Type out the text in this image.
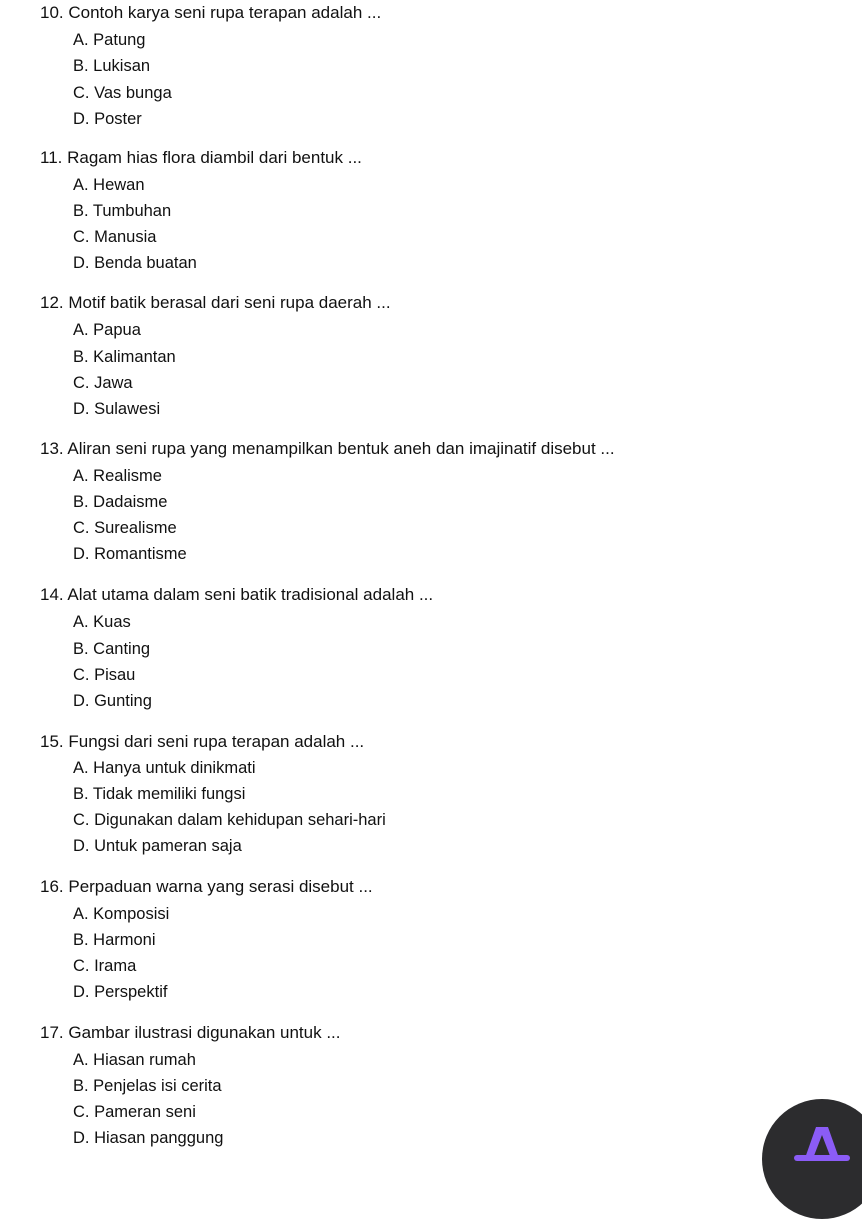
10. Contoh karya seni rupa terapan adalah ...
A. Patung
B. Lukisan
C. Vas bunga
D. Poster
11. Ragam hias flora diambil dari bentuk ...
A. Hewan
B. Tumbuhan
C. Manusia
D. Benda buatan
12. Motif batik berasal dari seni rupa daerah ...
A. Papua
B. Kalimantan
C. Jawa
D. Sulawesi
13. Aliran seni rupa yang menampilkan bentuk aneh dan imajinatif disebut ...
A. Realisme
B. Dadaisme
C. Surealisme
D. Romantisme
14. Alat utama dalam seni batik tradisional adalah ...
A. Kuas
B. Canting
C. Pisau
D. Gunting
15. Fungsi dari seni rupa terapan adalah ...
A. Hanya untuk dinikmati
B. Tidak memiliki fungsi
C. Digunakan dalam kehidupan sehari-hari
D. Untuk pameran saja
16. Perpaduan warna yang serasi disebut ...
A. Komposisi
B. Harmoni
C. Irama
D. Perspektif
17. Gambar ilustrasi digunakan untuk ...
A. Hiasan rumah
B. Penjelas isi cerita
C. Pameran seni
D. Hiasan panggung
